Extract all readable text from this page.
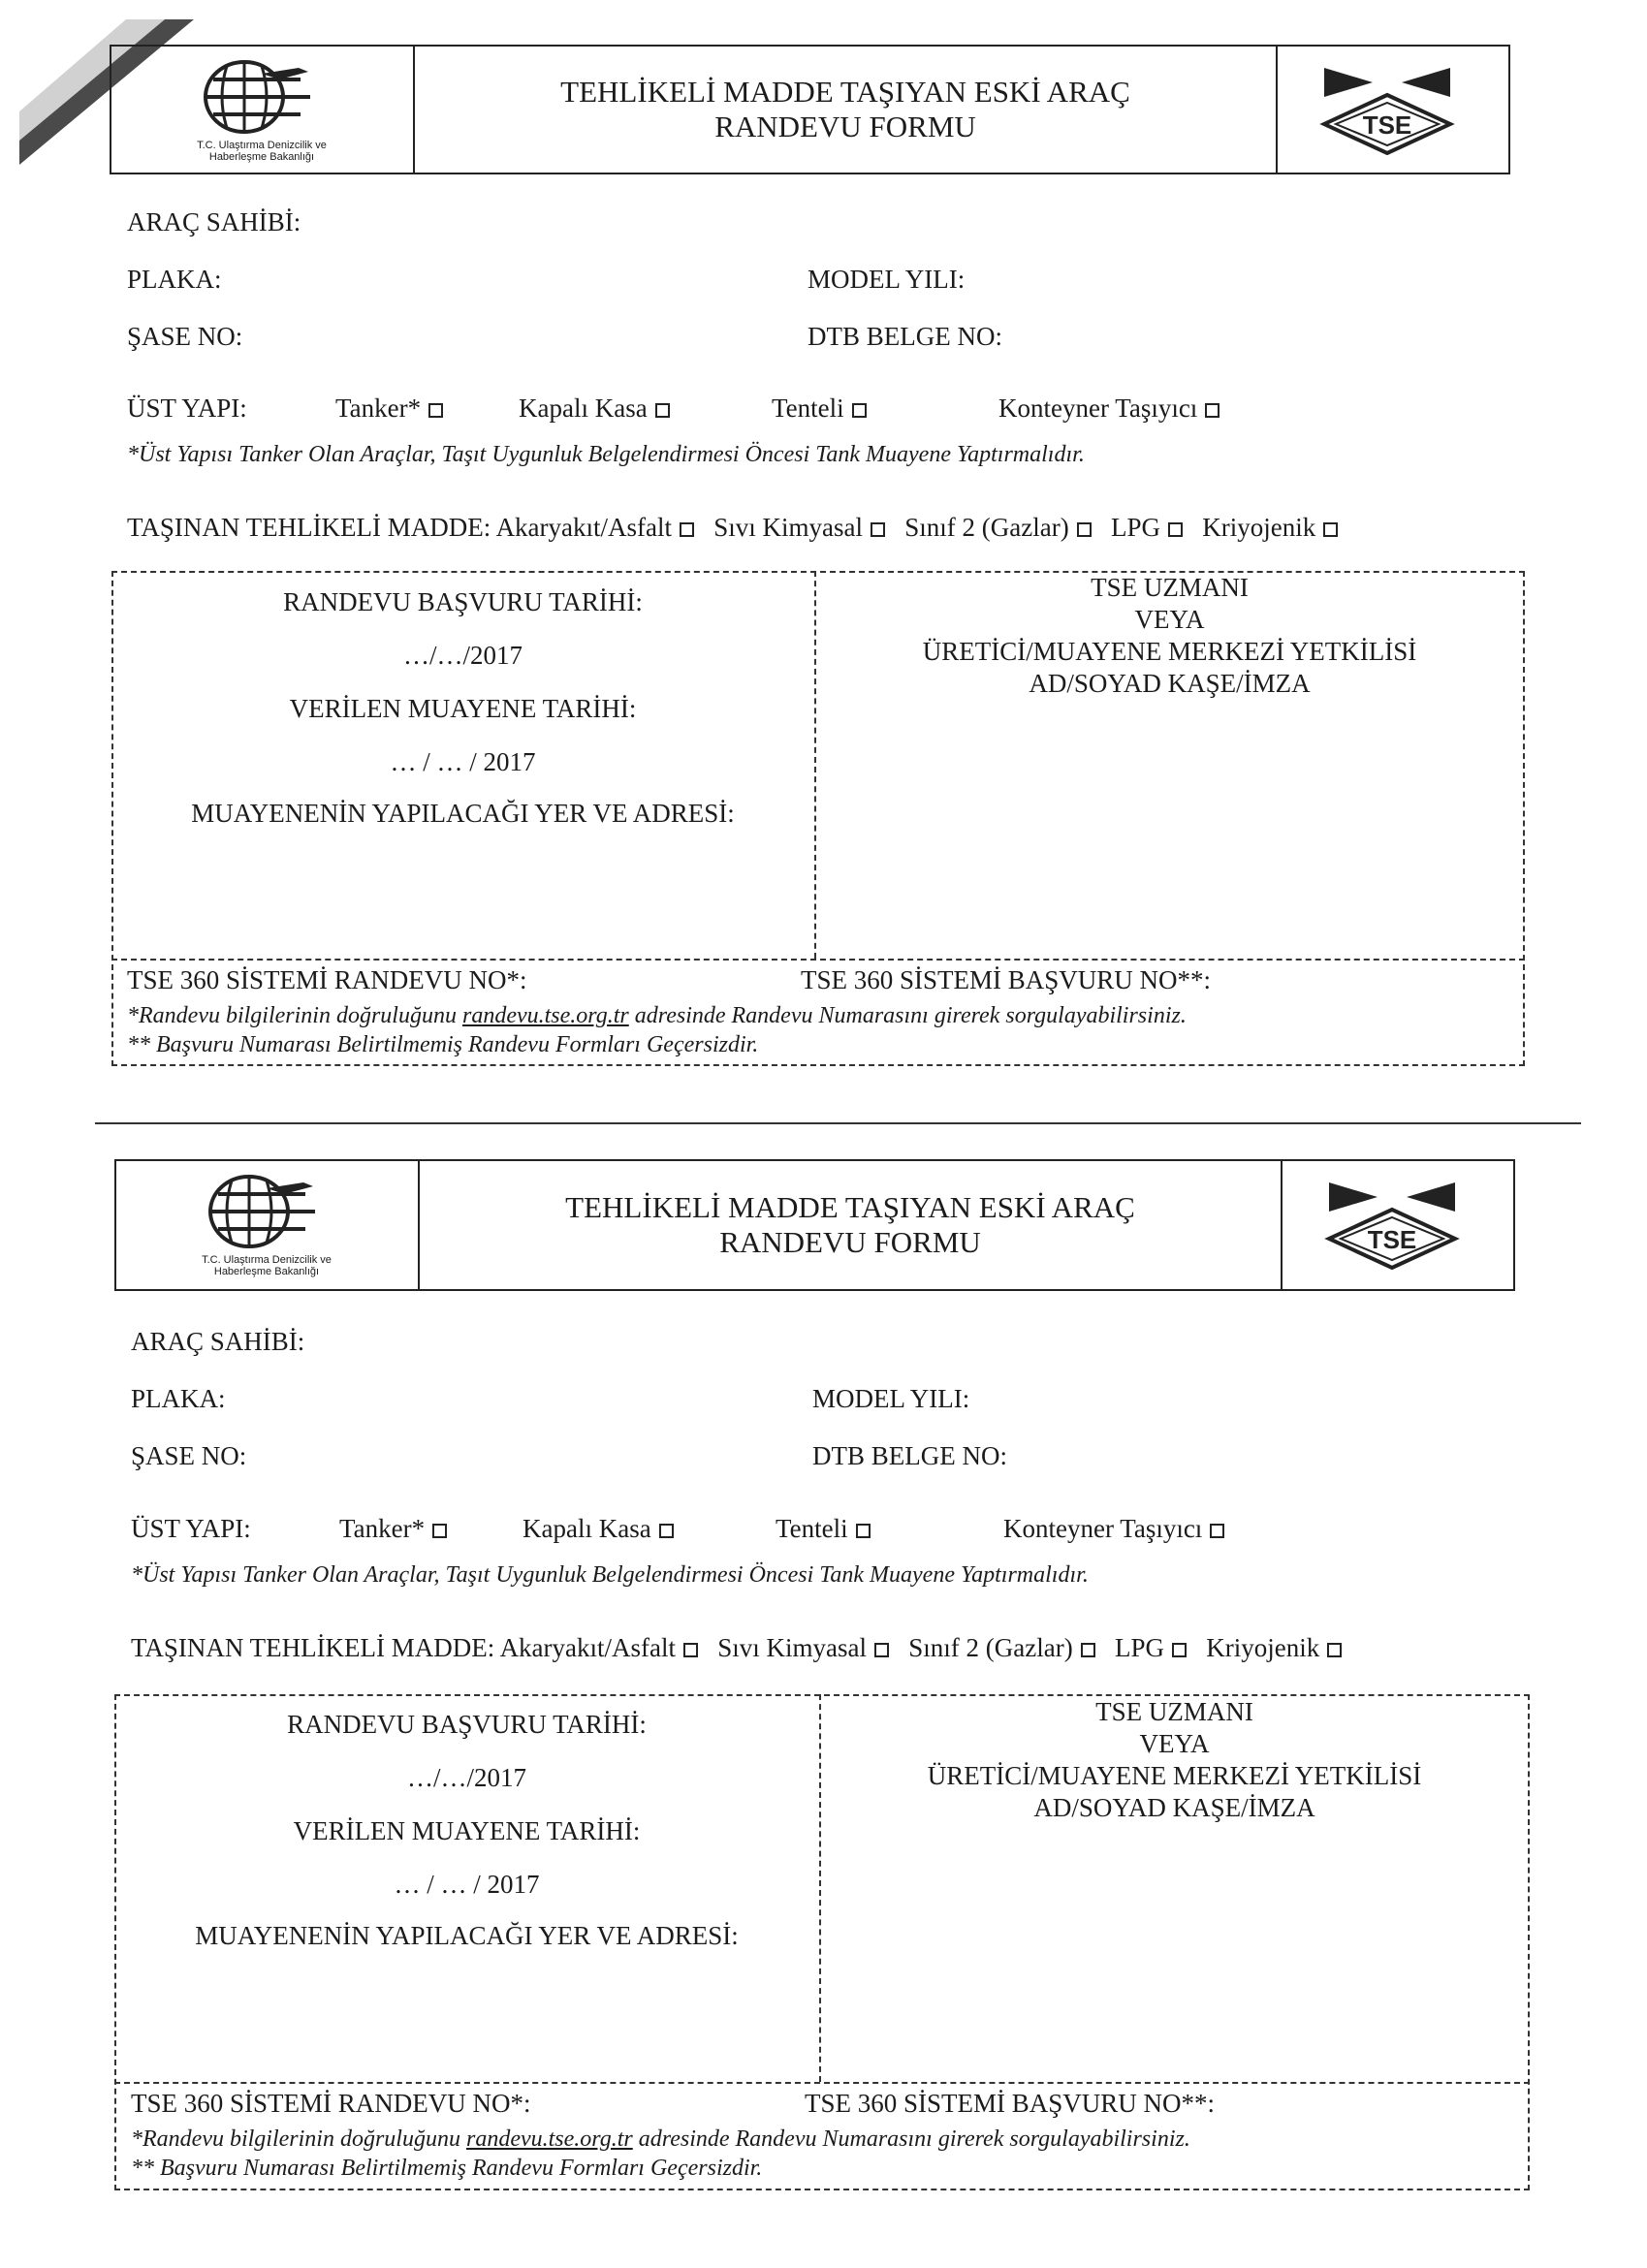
T.C. Ulaştırma Denizcilik ve
Haberleşme Bakanlığı
TEHLİKELİ MADDE TAŞIYAN ESKİ ARAÇ
RANDEVU FORMU	TSE
ARAÇ SAHİBİ:
PLAKA:	MODEL YILI:
ŞASE NO:	DTB BELGE NO:
ÜST YAPI:	Tanker*	Kapalı Kasa	Tenteli	Konteyner Taşıyıcı
*Üst Yapısı Tanker Olan Araçlar, Taşıt Uygunluk Belgelendirmesi Öncesi Tank Muayene Yaptırmalıdır.
TAŞINAN TEHLİKELİ MADDE: Akaryakıt/Asfalt Sıvı Kimyasal Sınıf 2 (Gazlar) LPG Kriyojenik
RANDEVU BAŞVURU TARİHİ:
…/…/2017
VERİLEN MUAYENE TARİHİ:
… / … / 2017
MUAYENENİN YAPILACAĞI YER VE ADRESİ:
TSE UZMANI
VEYA
ÜRETİCİ/MUAYENE MERKEZİ YETKİLİSİ
AD/SOYAD KAŞE/İMZA
TSE 360 SİSTEMİ RANDEVU NO*:	TSE 360 SİSTEMİ BAŞVURU NO**:
*Randevu bilgilerinin doğruluğunu randevu.tse.org.tr adresinde Randevu Numarasını girerek sorgulayabilirsiniz.
** Başvuru Numarası Belirtilmemiş Randevu Formları Geçersizdir.
T.C. Ulaştırma Denizcilik ve
Haberleşme Bakanlığı
TEHLİKELİ MADDE TAŞIYAN ESKİ ARAÇ
RANDEVU FORMU	TSE
ARAÇ SAHİBİ:
PLAKA:	MODEL YILI:
ŞASE NO:	DTB BELGE NO:
ÜST YAPI:	Tanker*	Kapalı Kasa	Tenteli	Konteyner Taşıyıcı
*Üst Yapısı Tanker Olan Araçlar, Taşıt Uygunluk Belgelendirmesi Öncesi Tank Muayene Yaptırmalıdır.
TAŞINAN TEHLİKELİ MADDE: Akaryakıt/Asfalt Sıvı Kimyasal Sınıf 2 (Gazlar) LPG Kriyojenik
RANDEVU BAŞVURU TARİHİ:
…/…/2017
VERİLEN MUAYENE TARİHİ:
… / … / 2017
MUAYENENİN YAPILACAĞI YER VE ADRESİ:
TSE UZMANI
VEYA
ÜRETİCİ/MUAYENE MERKEZİ YETKİLİSİ
AD/SOYAD KAŞE/İMZA
TSE 360 SİSTEMİ RANDEVU NO*:	TSE 360 SİSTEMİ BAŞVURU NO**:
*Randevu bilgilerinin doğruluğunu randevu.tse.org.tr adresinde Randevu Numarasını girerek sorgulayabilirsiniz.
** Başvuru Numarası Belirtilmemiş Randevu Formları Geçersizdir.
